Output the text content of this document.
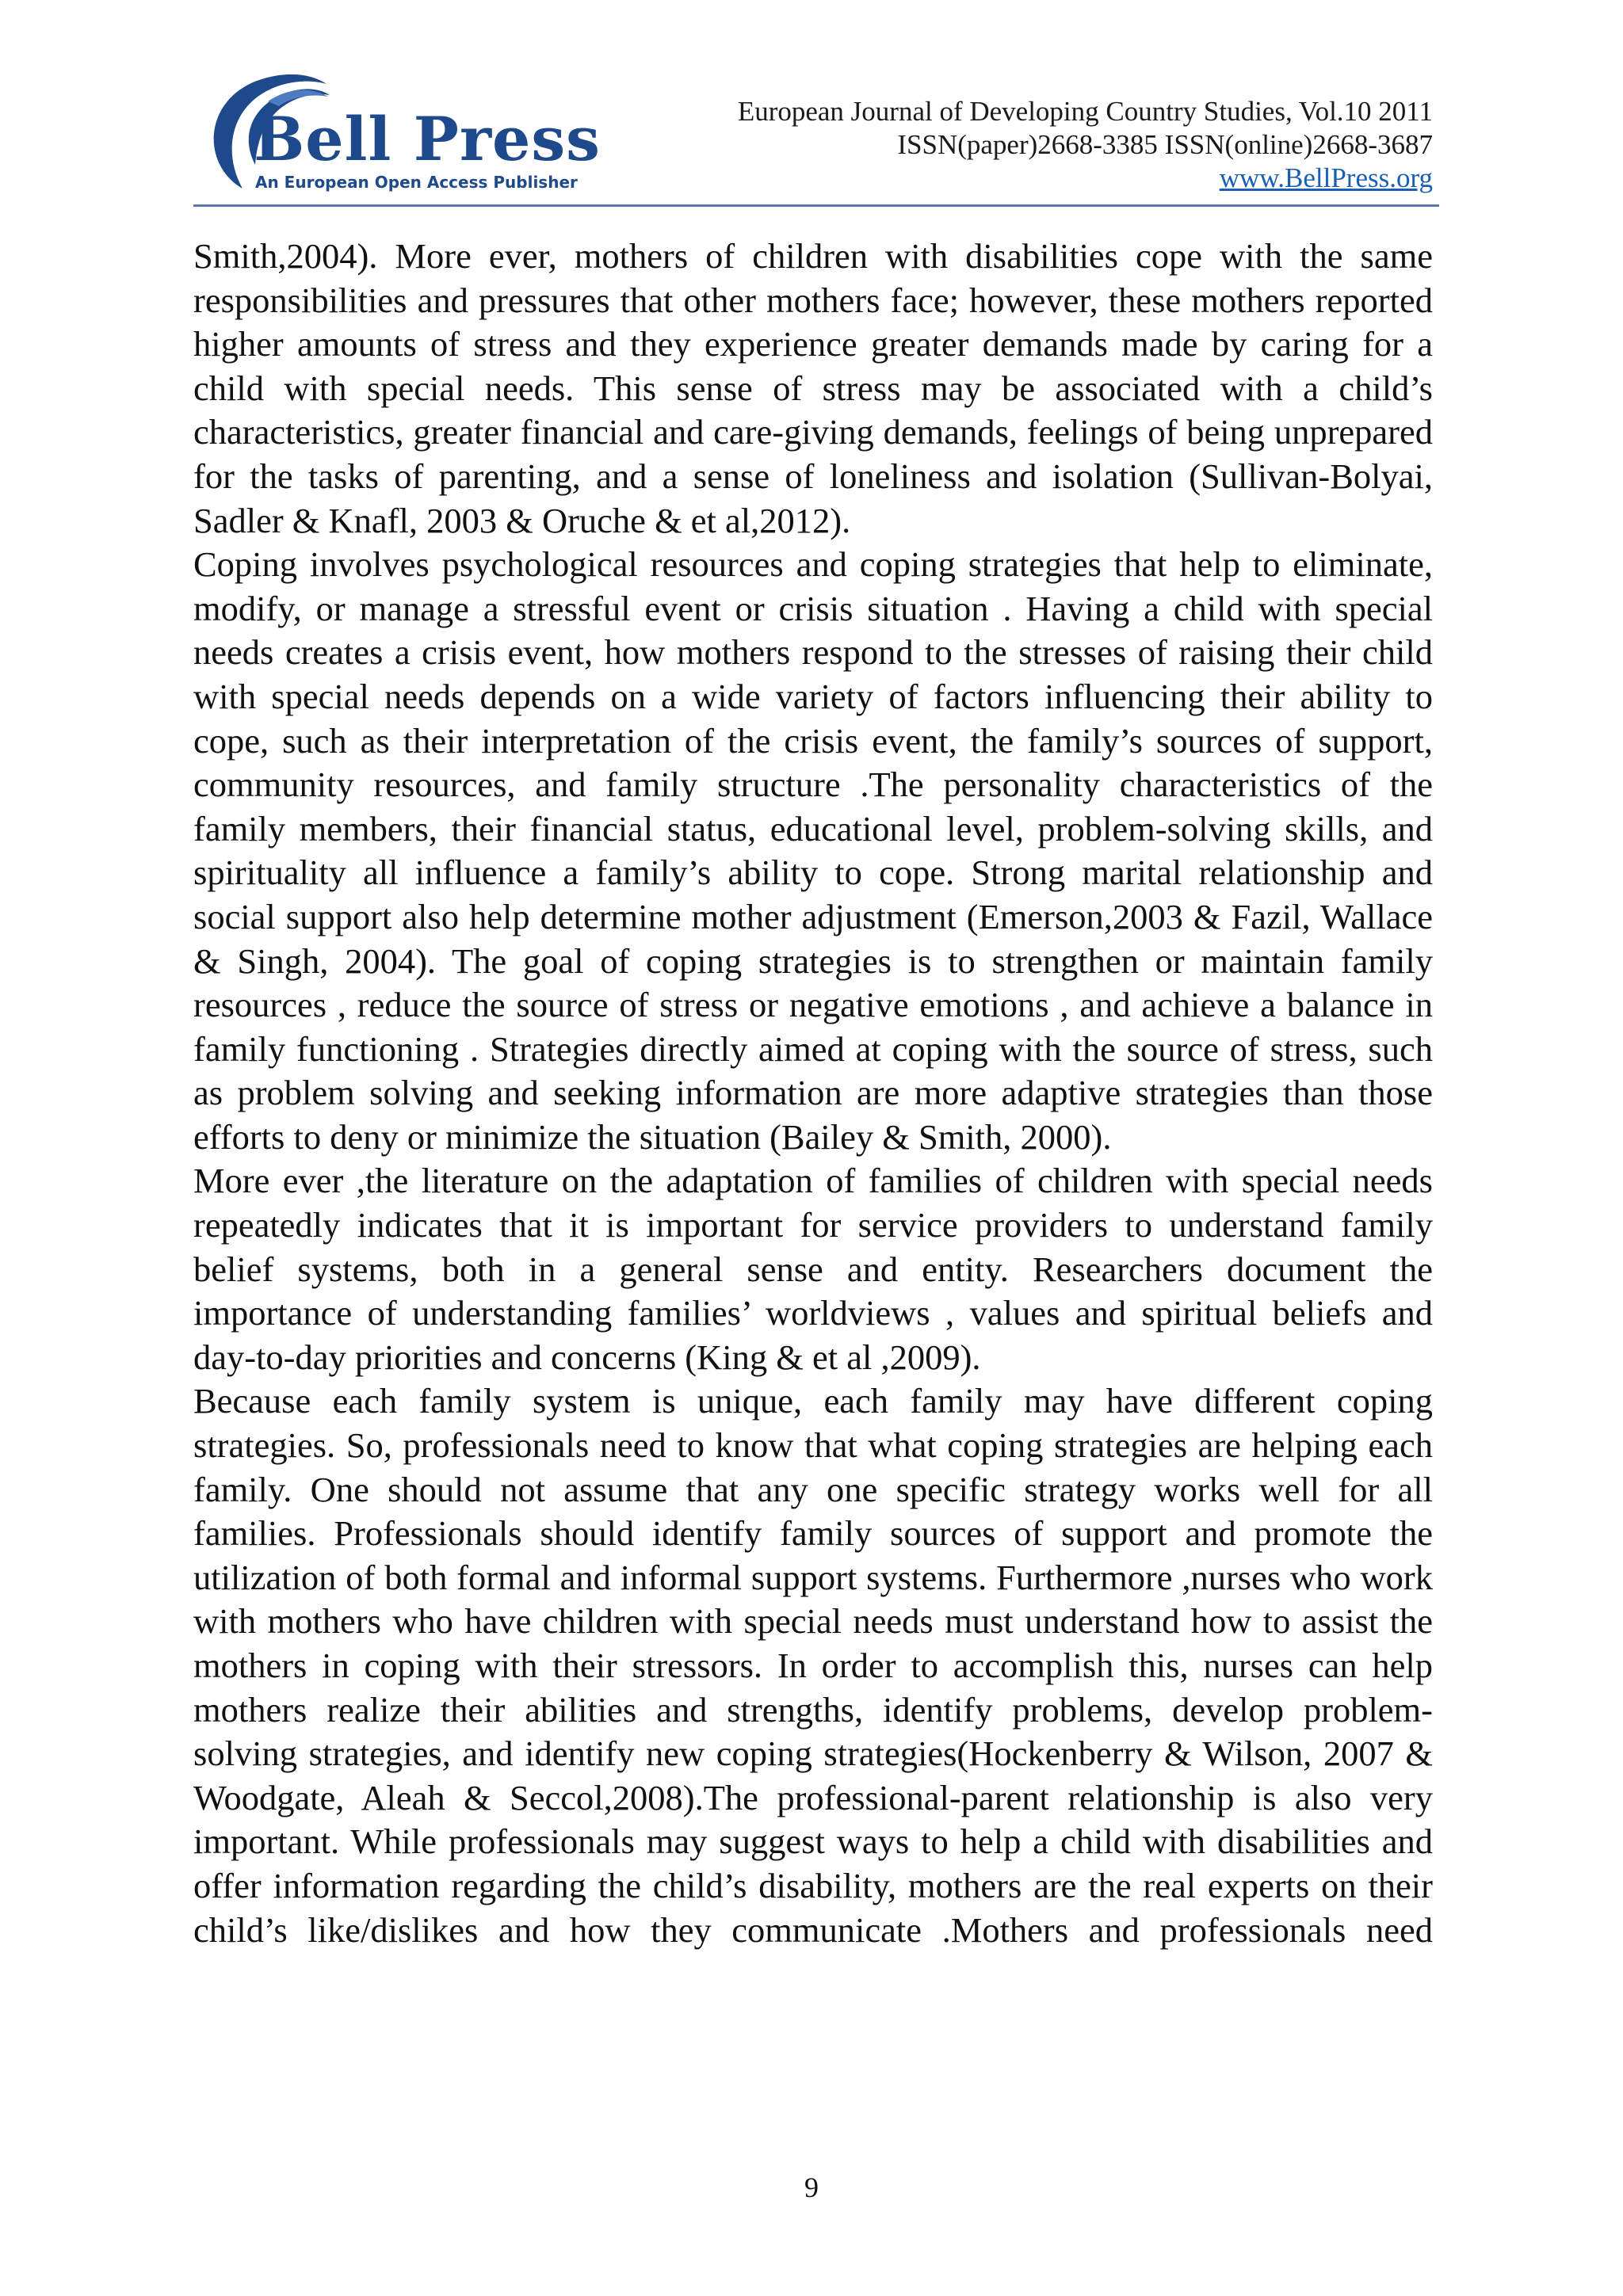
Bell Press
An European Open Access Publisher
European Journal of Developing Country Studies, Vol.10 2011
ISSN(paper)2668-3385 ISSN(online)2668-3687
www.BellPress.org

Smith,2004). More ever, mothers of children with disabilities cope with the same responsibilities and pressures that other mothers face; however, these mothers reported higher amounts of stress and they experience greater demands made by caring for a child with special needs. This sense of stress may be associated with a child’s characteristics, greater financial and care-giving demands, feelings of being unprepared for the tasks of parenting, and a sense of loneliness and isolation (Sullivan-Bolyai, Sadler & Knafl, 2003 & Oruche & et al,2012).

Coping involves psychological resources and coping strategies that help to eliminate, modify, or manage a stressful event or crisis situation . Having a child with special needs creates a crisis event, how mothers respond to the stresses of raising their child with special needs depends on a wide variety of factors influencing their ability to cope, such as their interpretation of the crisis event, the family’s sources of support, community resources, and family structure .The personality characteristics of the family members, their financial status, educational level, problem-solving skills, and spirituality all influence a family’s ability to cope. Strong marital relationship and social support also help determine mother adjustment (Emerson,2003 & Fazil, Wallace & Singh, 2004). The goal of coping strategies is to strengthen or maintain family resources , reduce the source of stress or negative emotions , and achieve a balance in family functioning . Strategies directly aimed at coping with the source of stress, such as problem solving and seeking information are more adaptive strategies than those efforts to deny or minimize the situation (Bailey & Smith, 2000).

More ever ,the literature on the adaptation of families of children with special needs repeatedly indicates that it is important for service providers to understand family belief systems, both in a general sense and entity. Researchers document the importance of understanding families’ worldviews , values and spiritual beliefs and day-to-day priorities and concerns (King & et al ,2009).

Because each family system is unique, each family may have different coping strategies. So, professionals need to know that what coping strategies are helping each family. One should not assume that any one specific strategy works well for all families. Professionals should identify family sources of support and promote the utilization of both formal and informal support systems. Furthermore ,nurses who work with mothers who have children with special needs must understand how to assist the mothers in coping with their stressors. In order to accomplish this, nurses can help mothers realize their abilities and strengths, identify problems, develop problem-solving strategies, and identify new coping strategies(Hockenberry & Wilson, 2007 & Woodgate, Aleah & Seccol,2008).The professional-parent relationship is also very important. While professionals may suggest ways to help a child with disabilities and offer information regarding the child’s disability, mothers are the real experts on their child’s like/dislikes and how they communicate .Mothers and professionals need

9
